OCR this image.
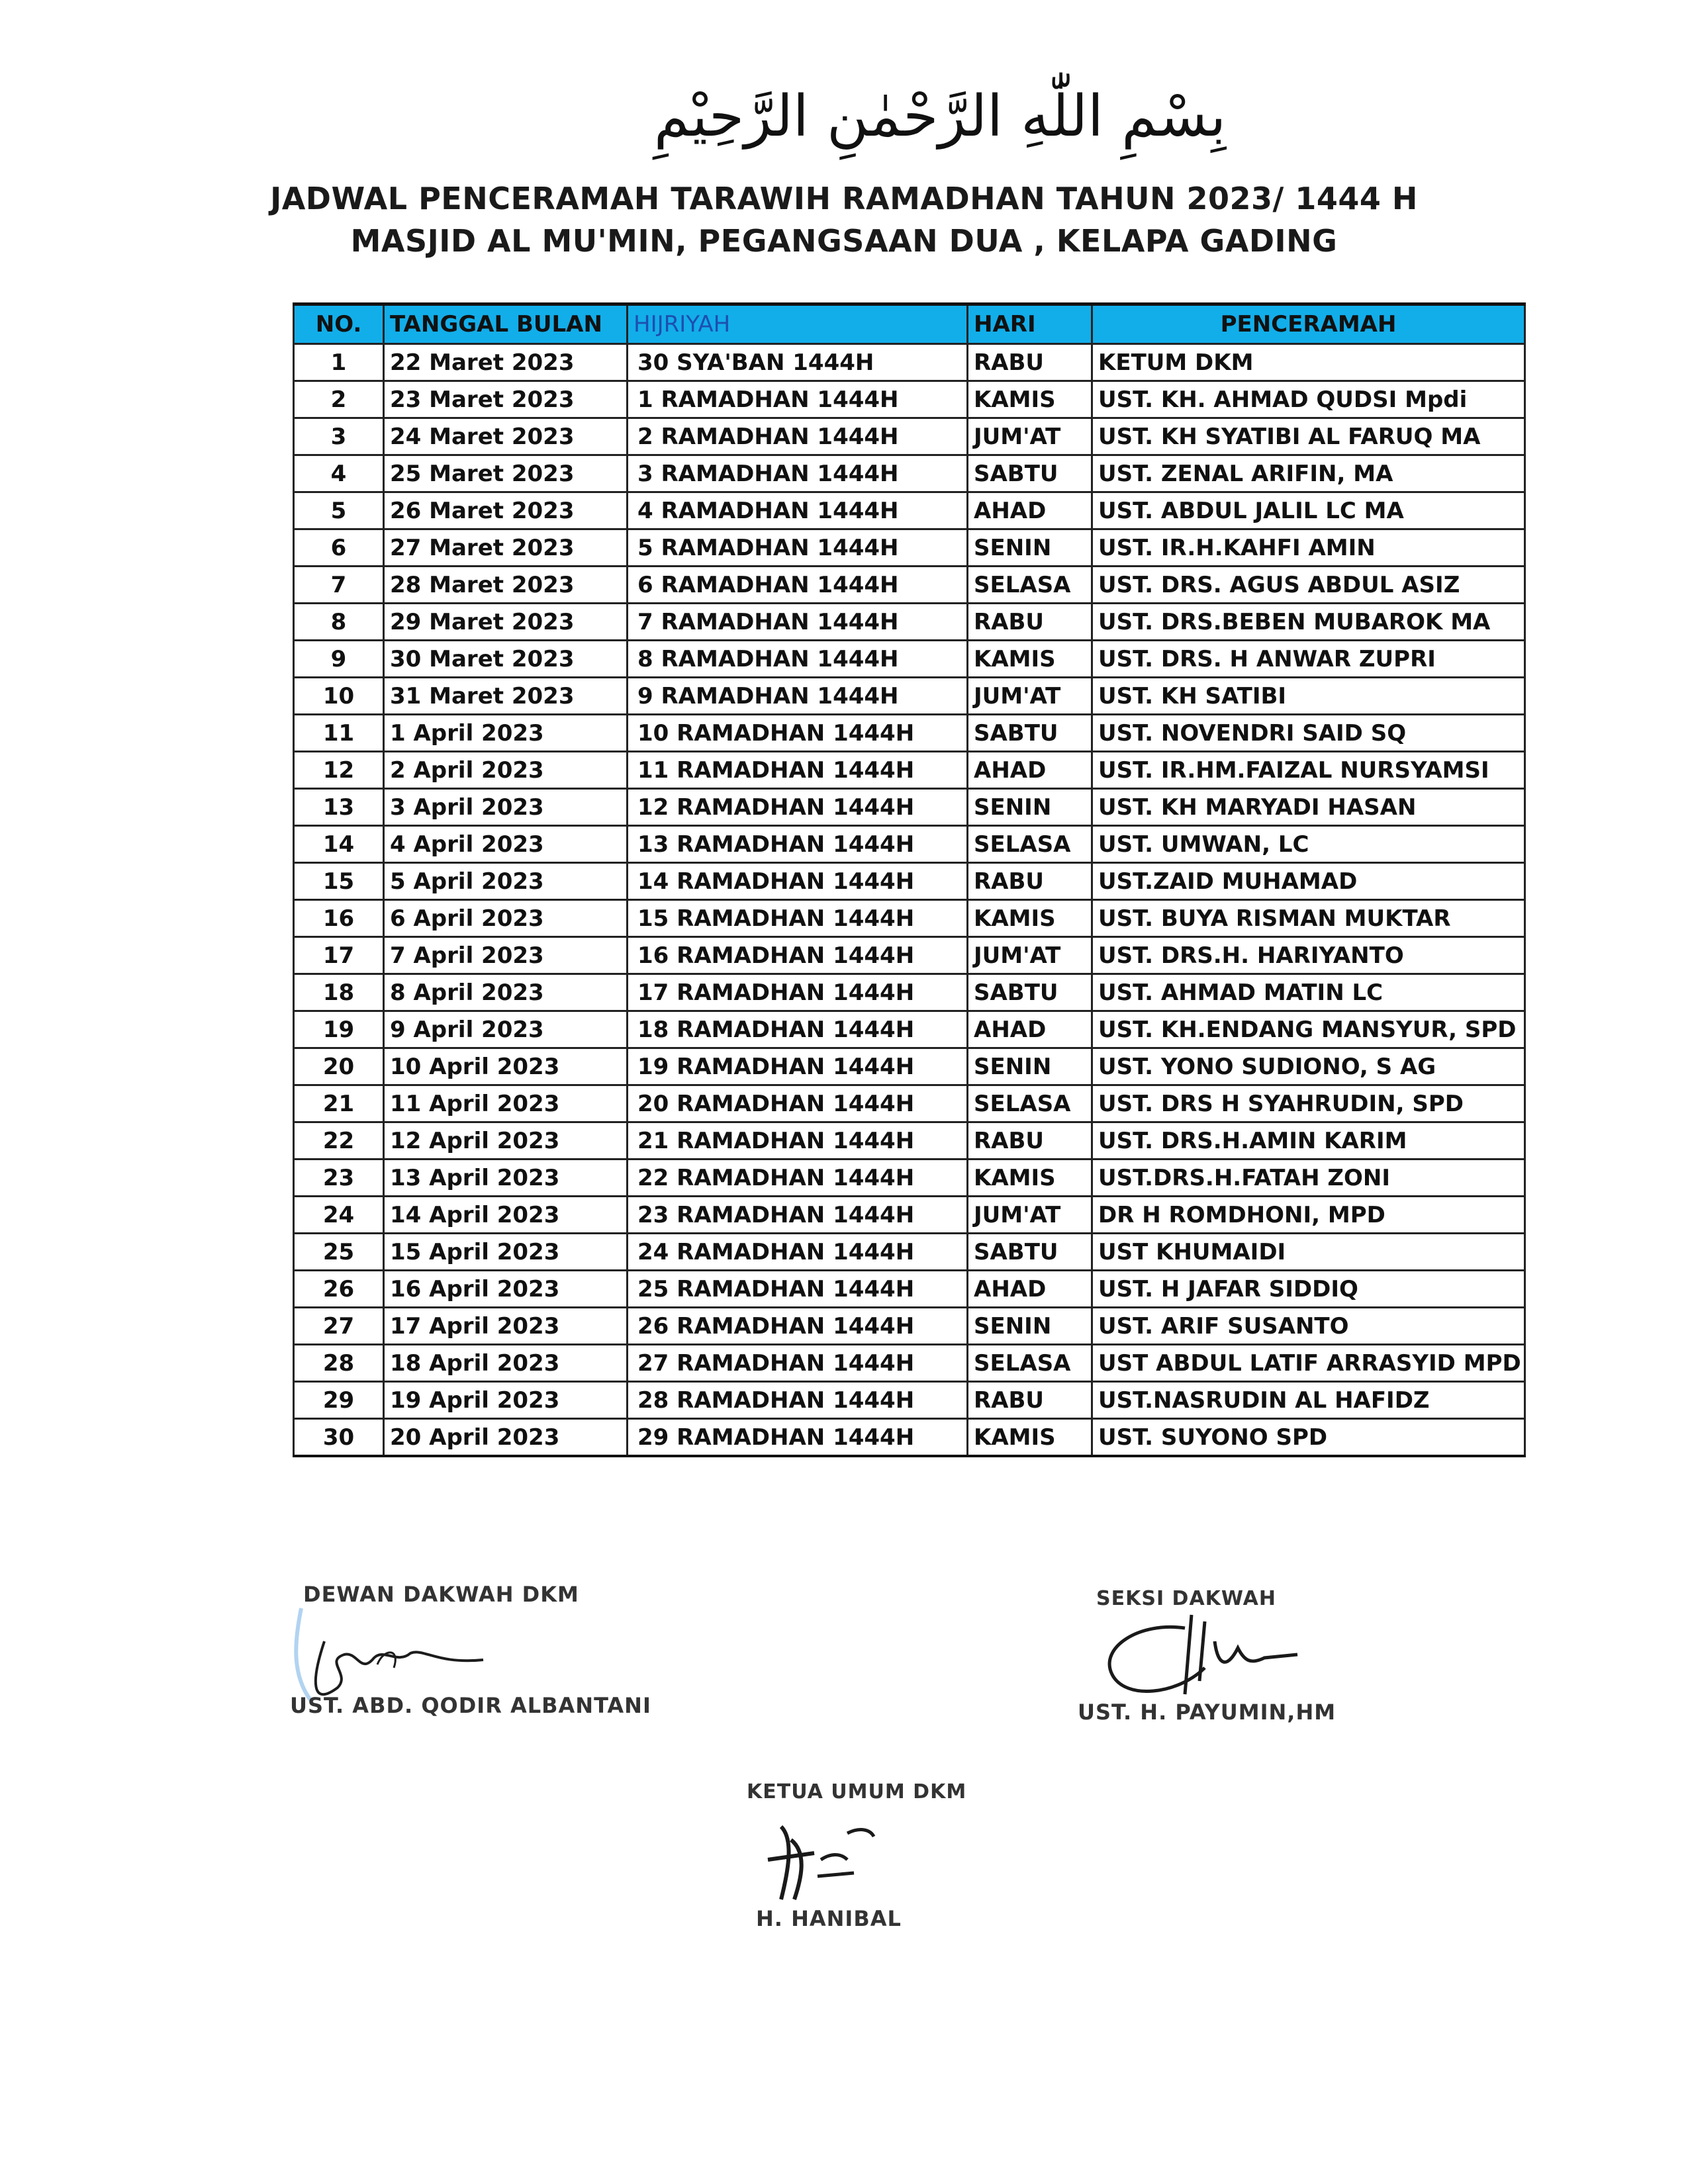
بِسْمِ اللّٰهِ الرَّحْمٰنِ الرَّحِيْمِ
JADWAL PENCERAMAH TARAWIH RAMADHAN TAHUN 2023/ 1444 H
MASJID AL MU'MIN, PEGANGSAAN DUA , KELAPA GADING
NO.	TANGGAL BULAN	HIJRIYAH	HARI	PENCERAMAH
1	22 Maret 2023	30 SYA'BAN 1444H	RABU	KETUM DKM
2	23 Maret 2023	1 RAMADHAN 1444H	KAMIS	UST. KH. AHMAD QUDSI Mpdi
3	24 Maret 2023	2 RAMADHAN 1444H	JUM'AT	UST. KH SYATIBI AL FARUQ MA
4	25 Maret 2023	3 RAMADHAN 1444H	SABTU	UST. ZENAL ARIFIN, MA
5	26 Maret 2023	4 RAMADHAN 1444H	AHAD	UST. ABDUL JALIL LC MA
6	27 Maret 2023	5 RAMADHAN 1444H	SENIN	UST. IR.H.KAHFI AMIN
7	28 Maret 2023	6 RAMADHAN 1444H	SELASA	UST. DRS. AGUS ABDUL ASIZ
8	29 Maret 2023	7 RAMADHAN 1444H	RABU	UST. DRS.BEBEN MUBAROK MA
9	30 Maret 2023	8 RAMADHAN 1444H	KAMIS	UST. DRS. H ANWAR ZUPRI
10	31 Maret 2023	9 RAMADHAN 1444H	JUM'AT	UST. KH SATIBI
11	1 April 2023	10 RAMADHAN 1444H	SABTU	UST. NOVENDRI SAID SQ
12	2 April 2023	11 RAMADHAN 1444H	AHAD	UST. IR.HM.FAIZAL NURSYAMSI
13	3 April 2023	12 RAMADHAN 1444H	SENIN	UST. KH MARYADI HASAN
14	4 April 2023	13 RAMADHAN 1444H	SELASA	UST. UMWAN, LC
15	5 April 2023	14 RAMADHAN 1444H	RABU	UST.ZAID MUHAMAD
16	6 April 2023	15 RAMADHAN 1444H	KAMIS	UST. BUYA RISMAN MUKTAR
17	7 April 2023	16 RAMADHAN 1444H	JUM'AT	UST. DRS.H. HARIYANTO
18	8 April 2023	17 RAMADHAN 1444H	SABTU	UST. AHMAD MATIN LC
19	9 April 2023	18 RAMADHAN 1444H	AHAD	UST. KH.ENDANG MANSYUR, SPD
20	10 April 2023	19 RAMADHAN 1444H	SENIN	UST. YONO SUDIONO, S AG
21	11 April 2023	20 RAMADHAN 1444H	SELASA	UST. DRS H SYAHRUDIN, SPD
22	12 April 2023	21 RAMADHAN 1444H	RABU	UST. DRS.H.AMIN KARIM
23	13 April 2023	22 RAMADHAN 1444H	KAMIS	UST.DRS.H.FATAH ZONI
24	14 April 2023	23 RAMADHAN 1444H	JUM'AT	DR H ROMDHONI, MPD
25	15 April 2023	24 RAMADHAN 1444H	SABTU	UST KHUMAIDI
26	16 April 2023	25 RAMADHAN 1444H	AHAD	UST. H JAFAR SIDDIQ
27	17 April 2023	26 RAMADHAN 1444H	SENIN	UST. ARIF SUSANTO
28	18 April 2023	27 RAMADHAN 1444H	SELASA	UST ABDUL LATIF ARRASYID MPD
29	19 April 2023	28 RAMADHAN 1444H	RABU	UST.NASRUDIN AL HAFIDZ
30	20 April 2023	29 RAMADHAN 1444H	KAMIS	UST. SUYONO SPD
DEWAN DAKWAH DKM
UST. ABD. QODIR ALBANTANI
SEKSI DAKWAH
UST. H. PAYUMIN,HM
KETUA UMUM DKM
H. HANIBAL
